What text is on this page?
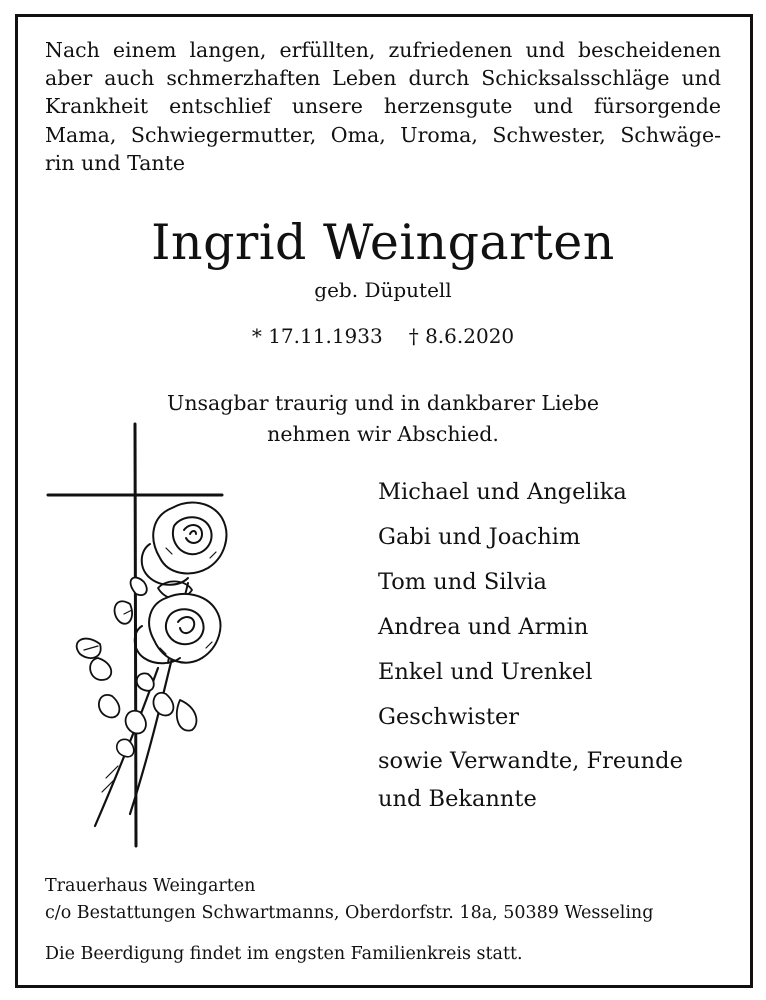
Nach einem langen, erfüllten, zufriedenen und bescheidenen
aber auch schmerzhaften Leben durch Schicksalsschläge und
Krankheit entschlief unsere herzensgute und fürsorgende
Mama, Schwiegermutter, Oma, Uroma, Schwester, Schwäge-
rin und Tante
Ingrid Weingarten
geb. Düputell
* 17.11.1933 † 8.6.2020
Unsagbar traurig und in dankbarer Liebe
nehmen wir Abschied.
Michael und Angelika
Gabi und Joachim
Tom und Silvia
Andrea und Armin
Enkel und Urenkel
Geschwister
sowie Verwandte, Freunde und Bekannte
Trauerhaus Weingarten
c/o Bestattungen Schwartmanns, Oberdorfstr. 18a, 50389 Wesseling
Die Beerdigung findet im engsten Familienkreis statt.
